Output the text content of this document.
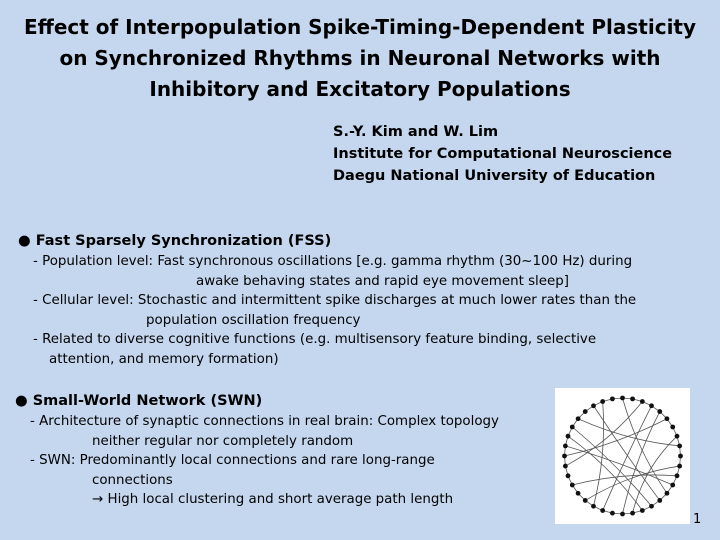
Effect of Interpopulation Spike-Timing-Dependent Plasticity
on Synchronized Rhythms in Neuronal Networks with
Inhibitory and Excitatory Populations
S.-Y. Kim and W. Lim
Institute for Computational Neuroscience
Daegu National University of Education
● Fast Sparsely Synchronization (FSS)
- Population level: Fast synchronous oscillations [e.g. gamma rhythm (30~100 Hz) during
awake behaving states and rapid eye movement sleep]
- Cellular level: Stochastic and intermittent spike discharges at much lower rates than the
population oscillation frequency
- Related to diverse cognitive functions (e.g. multisensory feature binding, selective
attention, and memory formation)
● Small-World Network (SWN)
- Architecture of synaptic connections in real brain: Complex topology
neither regular nor completely random
- SWN: Predominantly local connections and rare long-range
connections
→ High local clustering and short average path length
1
